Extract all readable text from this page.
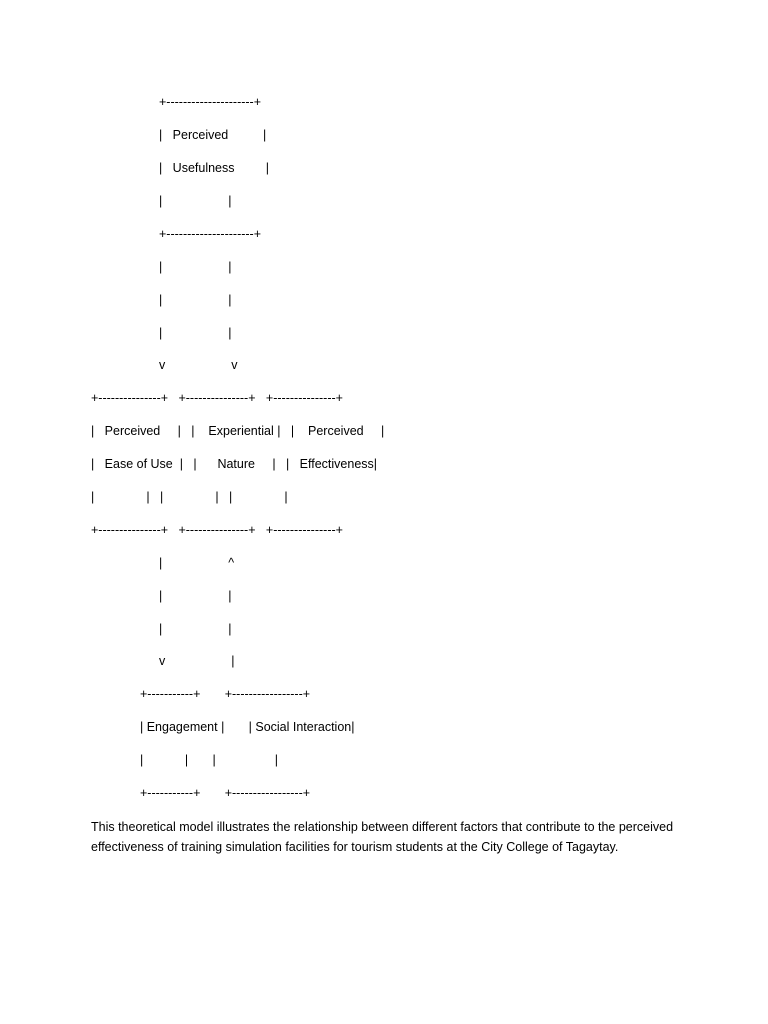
+---------------------+

|   Perceived          |

|   Usefulness         |

|                   |

+---------------------+

|                   |

|                   |

|                   |

v                   v

+---------------+   +---------------+   +---------------+

|   Perceived     |   |    Experiential |   |    Perceived     |

|   Ease of Use  |   |      Nature     |   |   Effectiveness|

|               |   |               |   |               |

+---------------+   +---------------+   +---------------+

|                   ^

|                   |

|                   |

v                   |

+-----------+       +-----------------+

| Engagement |       | Social Interaction|

|            |       |                 |

+-----------+       +-----------------+

This theoretical model illustrates the relationship between different factors that contribute to the perceived effectiveness of training simulation facilities for tourism students at the City College of Tagaytay.
